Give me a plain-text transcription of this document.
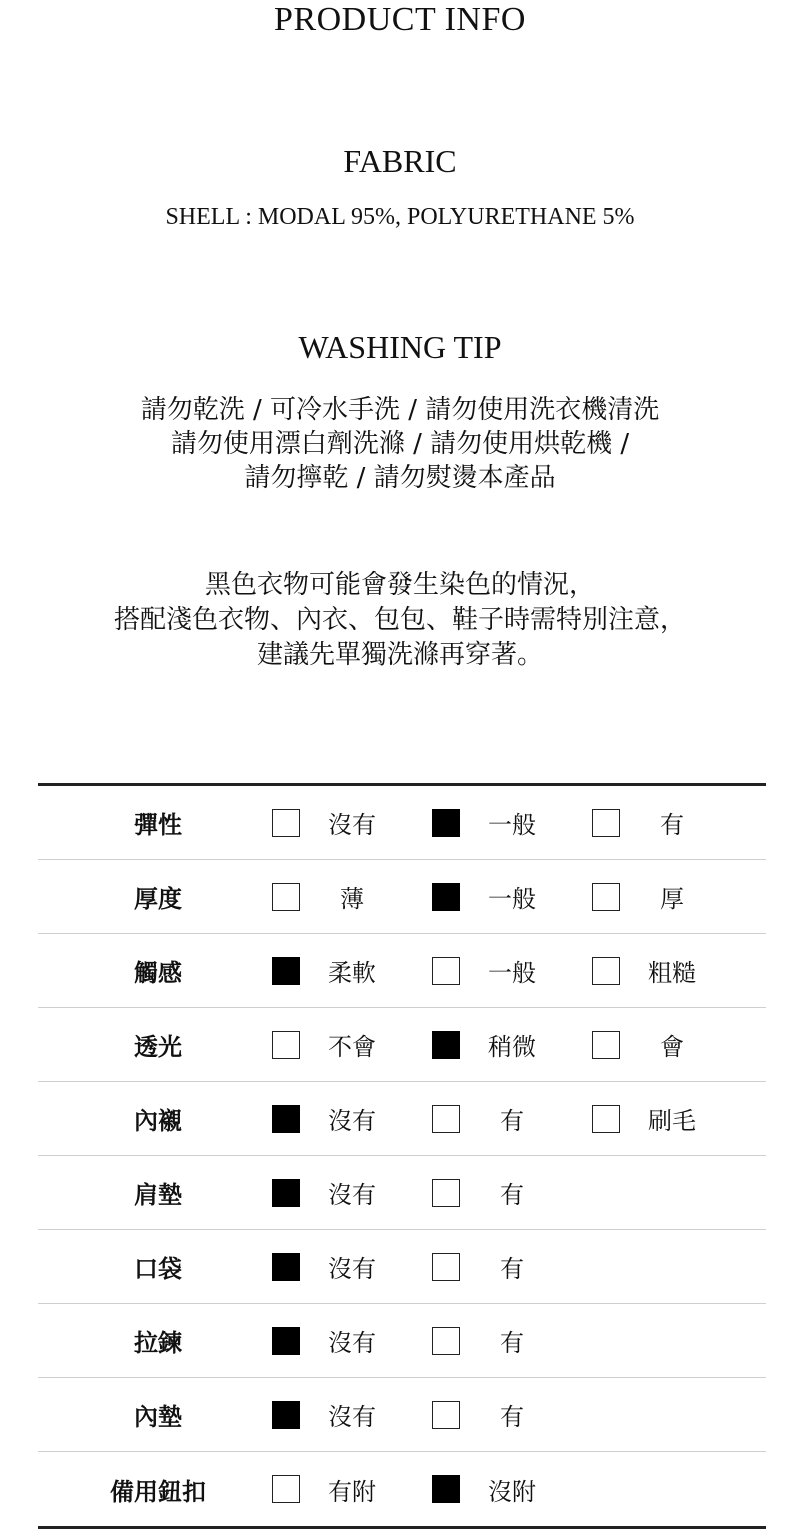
PRODUCT INFO
FABRIC
SHELL : MODAL 95%, POLYURETHANE 5%
WASHING TIP
請勿乾洗 / 可冷水手洗 / 請勿使用洗衣機清洗
請勿使用漂白劑洗滌 / 請勿使用烘乾機 /
請勿擰乾 / 請勿熨燙本產品
黑色衣物可能會發生染色的情況，
搭配淺色衣物、內衣、包包、鞋子時需特別注意，
建議先單獨洗滌再穿著。
彈性	沒有	一般	有
厚度	薄	一般	厚
觸感	柔軟	一般	粗糙
透光	不會	稍微	會
內襯	沒有	有	刷毛
肩墊	沒有	有
口袋	沒有	有
拉鍊	沒有	有
內墊	沒有	有
備用鈕扣	有附	沒附
